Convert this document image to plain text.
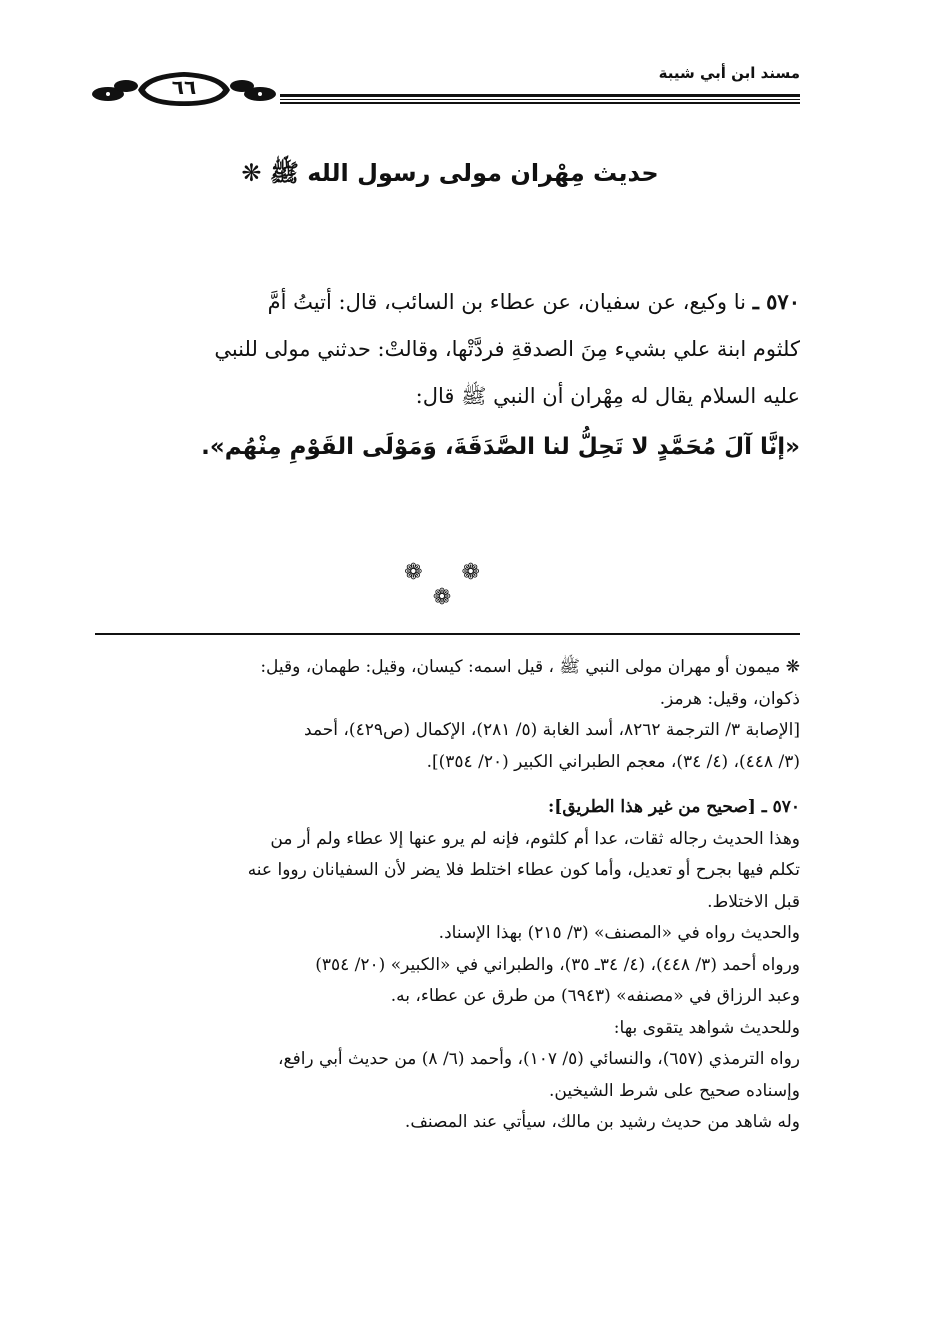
مسند ابن أبي شيبة
٦٦
حديث مِهْران مولى رسول الله ﷺ ❋

٥٧٠ ـ نا وكيع، عن سفيان، عن عطاء بن السائب، قال: أتيتُ أمَّ

كلثوم ابنة علي بشيء مِنَ الصدقةِ فردَّتْها، وقالتْ: حدثني مولى للنبي

عليه السلام يقال له مِهْران أن النبي ﷺ قال:

«إنَّا آلَ مُحَمَّدٍ لا تَحِلُّ لنا الصَّدَقَةَ، وَمَوْلَى القَوْمِ مِنْهُم».

❁ ❁ ❁

❋ ميمون أو مهران مولى النبي ﷺ ، قيل اسمه: كيسان، وقيل: طهمان، وقيل:

ذكوان، وقيل: هرمز.

[الإصابة ٣/ الترجمة ٨٢٦٢، أسد الغابة (٥/ ٢٨١)، الإكمال (ص٤٢٩)، أحمد

(٣/ ٤٤٨)، (٤/ ٣٤)، معجم الطبراني الكبير (٢٠/ ٣٥٤)].

٥٧٠ ـ [صحيح من غير هذا الطريق]:

وهذا الحديث رجاله ثقات، عدا أم كلثوم، فإنه لم يرو عنها إلا عطاء ولم أر من

تكلم فيها بجرح أو تعديل، وأما كون عطاء اختلط فلا يضر لأن السفيانان رووا عنه

قبل الاختلاط.

والحديث رواه في «المصنف» (٣/ ٢١٥) بهذا الإسناد.

ورواه أحمد (٣/ ٤٤٨)، (٤/ ٣٤ـ ٣٥)، والطبراني في «الكبير» (٢٠/ ٣٥٤)

وعبد الرزاق في «مصنفه» (٦٩٤٣) من طرق عن عطاء، به.

وللحديث شواهد يتقوى بها:

رواه الترمذي (٦٥٧)، والنسائي (٥/ ١٠٧)، وأحمد (٦/ ٨) من حديث أبي رافع،

وإسناده صحيح على شرط الشيخين.

وله شاهد من حديث رشيد بن مالك، سيأتي عند المصنف.
